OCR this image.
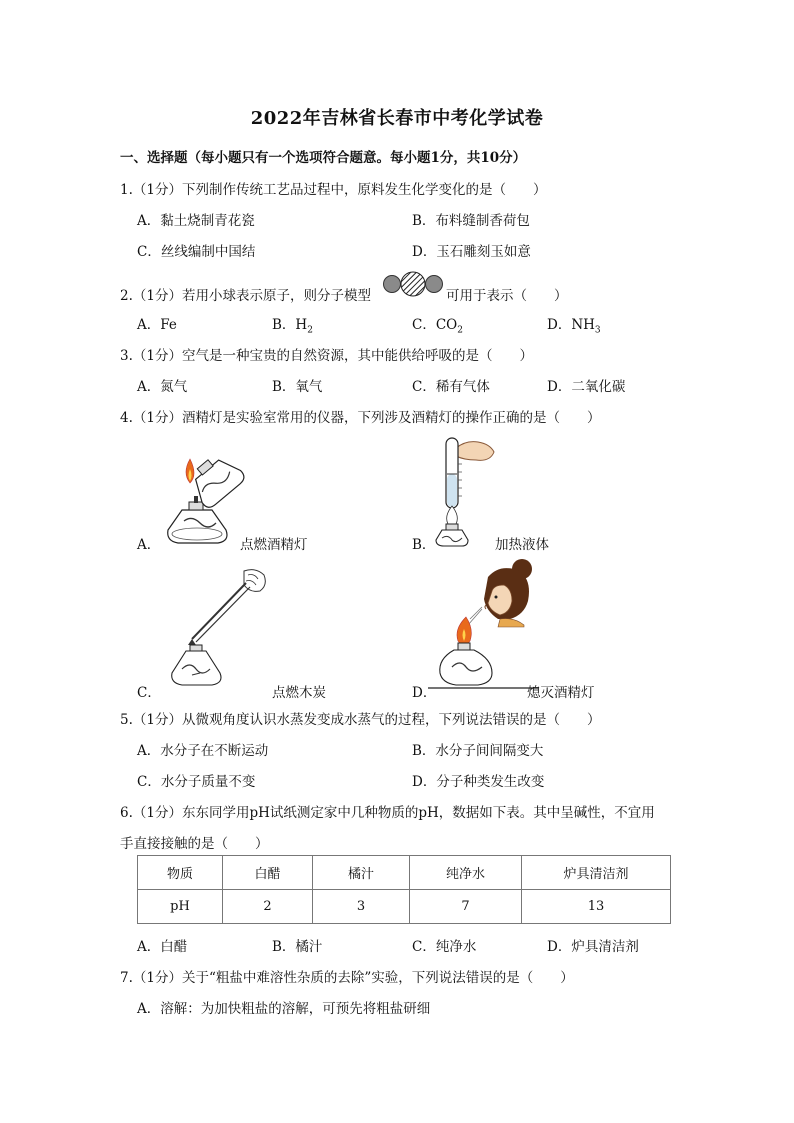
2022年吉林省长春市中考化学试卷
一、选择题（每小题只有一个选项符合题意。每小题1分，共10分）
1.（1分）下列制作传统工艺品过程中，原料发生化学变化的是（　　）
A．黏土烧制青花瓷	B．布料缝制香荷包
C．丝线编制中国结	D．玉石雕刻玉如意
2.（1分）若用小球表示原子，则分子模型	可用于表示（　　）
A．Fe	B．$H_2$	C．$CO_2$	D．$NH_3$
3.（1分）空气是一种宝贵的自然资源，其中能供给呼吸的是（　　）
A．氮气	B．氧气	C．稀有气体	D．二氧化碳
4.（1分）酒精灯是实验室常用的仪器，下列涉及酒精灯的操作正确的是（　　）
A．	点燃酒精灯	B．	加热液体
C．	点燃木炭	D．	熄灭酒精灯
5.（1分）从微观角度认识水蒸发变成水蒸气的过程，下列说法错误的是（　　）
A．水分子在不断运动	B．水分子间间隔变大
C．水分子质量不变	D．分子种类发生改变
6.（1分）东东同学用pH试纸测定家中几种物质的pH，数据如下表。其中呈碱性，不宜用
手直接接触的是（　　）
物质	白醋	橘汁	纯净水	炉具清洁剂
pH	2	3	7	13
A．白醋	B．橘汁	C．纯净水	D．炉具清洁剂
7.（1分）关于“粗盐中难溶性杂质的去除”实验，下列说法错误的是（　　）
A．溶解：为加快粗盐的溶解，可预先将粗盐研细
